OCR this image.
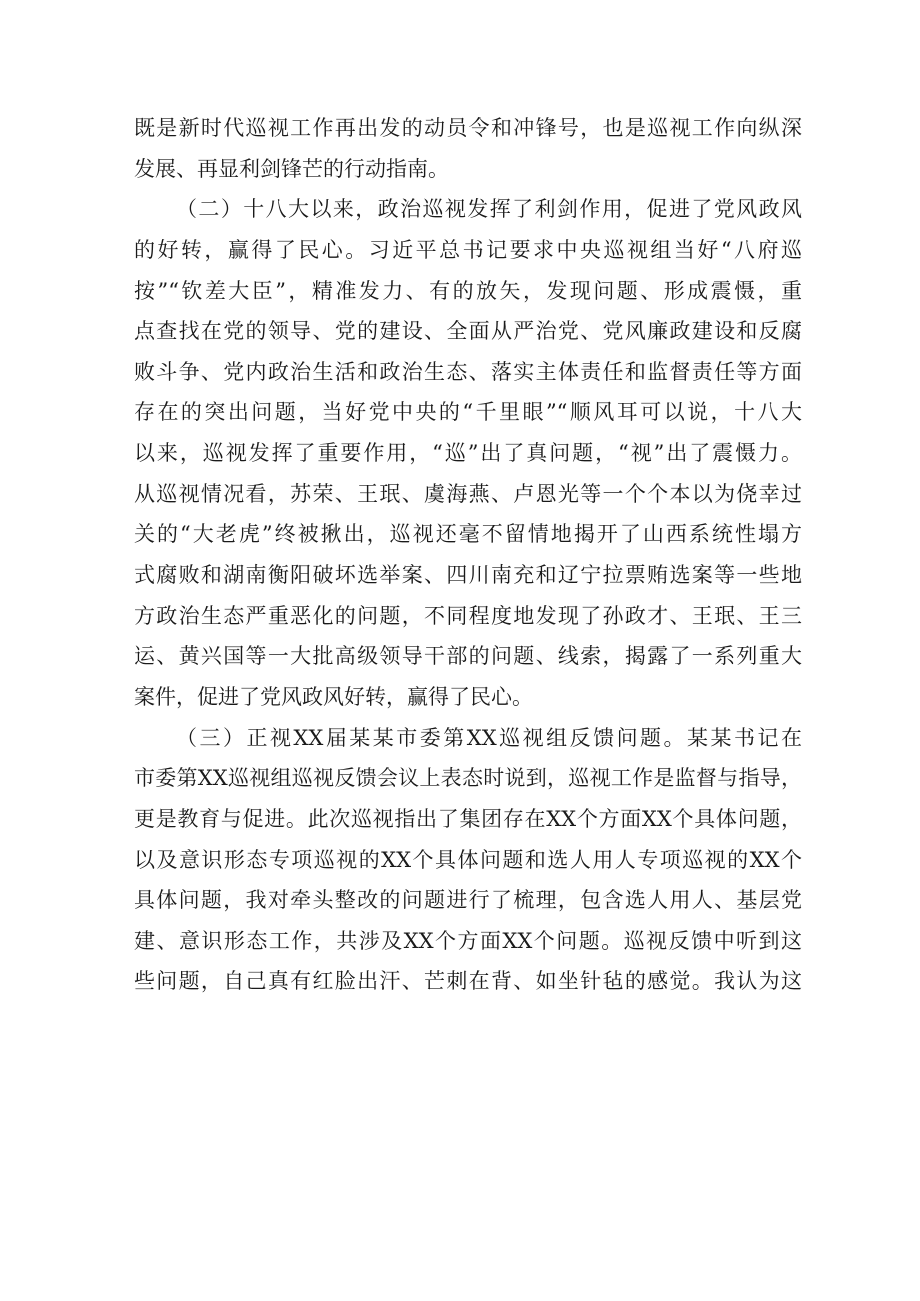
既是新时代巡视工作再出发的动员令和冲锋号，也是巡视工作向纵深
发展、再显利剑锋芒的行动指南。
（二）十八大以来，政治巡视发挥了利剑作用，促进了党风政风
的好转，赢得了民心。习近平总书记要求中央巡视组当好“八府巡
按”“钦差大臣”，精准发力、有的放矢，发现问题、形成震慑，重
点查找在党的领导、党的建设、全面从严治党、党风廉政建设和反腐
败斗争、党内政治生活和政治生态、落实主体责任和监督责任等方面
存在的突出问题，当好党中央的“千里眼”“顺风耳可以说，十八大
以来，巡视发挥了重要作用，“巡”出了真问题，“视”出了震慑力。
从巡视情况看，苏荣、王珉、虞海燕、卢恩光等一个个本以为侥幸过
关的“大老虎”终被揪出，巡视还毫不留情地揭开了山西系统性塌方
式腐败和湖南衡阳破坏选举案、四川南充和辽宁拉票贿选案等一些地
方政治生态严重恶化的问题，不同程度地发现了孙政才、王珉、王三
运、黄兴国等一大批高级领导干部的问题、线索，揭露了一系列重大
案件，促进了党风政风好转，赢得了民心。
（三）正视XX届某某市委第XX巡视组反馈问题。某某书记在
市委第XX巡视组巡视反馈会议上表态时说到，巡视工作是监督与指导，
更是教育与促进。此次巡视指出了集团存在XX个方面XX个具体问题，
以及意识形态专项巡视的XX个具体问题和选人用人专项巡视的XX个
具体问题，我对牵头整改的问题进行了梳理，包含选人用人、基层党
建、意识形态工作，共涉及XX个方面XX个问题。巡视反馈中听到这
些问题，自己真有红脸出汗、芒刺在背、如坐针毡的感觉。我认为这
